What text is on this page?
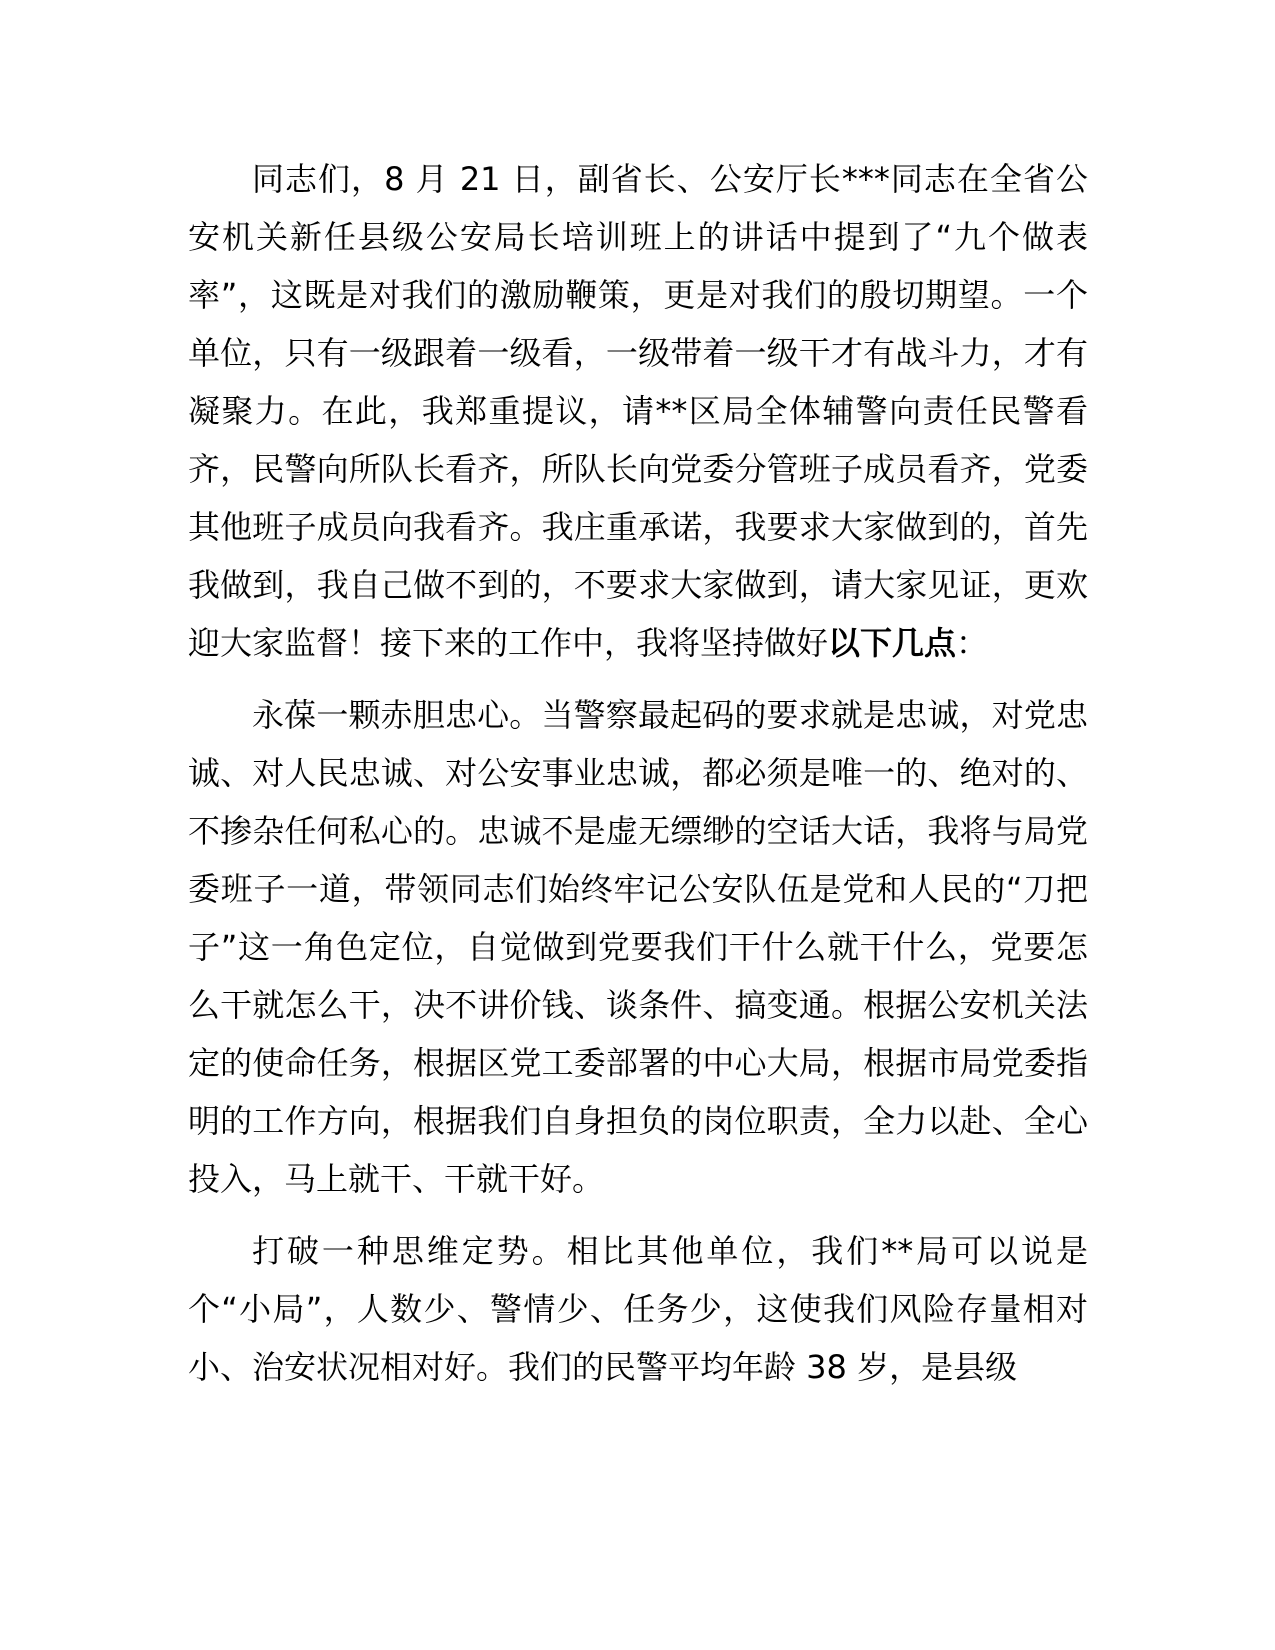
同志们，8 月 21 日，副省长、公安厅长***同志在全省公安机关新任县级公安局长培训班上的讲话中提到了“九个做表率”，这既是对我们的激励鞭策，更是对我们的殷切期望。一个单位，只有一级跟着一级看，一级带着一级干才有战斗力，才有凝聚力。在此，我郑重提议，请**区局全体辅警向责任民警看齐，民警向所队长看齐，所队长向党委分管班子成员看齐，党委其他班子成员向我看齐。我庄重承诺，我要求大家做到的，首先我做到，我自己做不到的，不要求大家做到，请大家见证，更欢迎大家监督！接下来的工作中，我将坚持做好以下几点：

永葆一颗赤胆忠心。当警察最起码的要求就是忠诚，对党忠诚、对人民忠诚、对公安事业忠诚，都必须是唯一的、绝对的、不掺杂任何私心的。忠诚不是虚无缥缈的空话大话，我将与局党委班子一道，带领同志们始终牢记公安队伍是党和人民的“刀把子”这一角色定位，自觉做到党要我们干什么就干什么，党要怎么干就怎么干，决不讲价钱、谈条件、搞变通。根据公安机关法定的使命任务，根据区党工委部署的中心大局，根据市局党委指明的工作方向，根据我们自身担负的岗位职责，全力以赴、全心投入，马上就干、干就干好。

打破一种思维定势。相比其他单位，我们**局可以说是个“小局”，人数少、警情少、任务少，这使我们风险存量相对小、治安状况相对好。我们的民警平均年龄 38 岁，是县级
